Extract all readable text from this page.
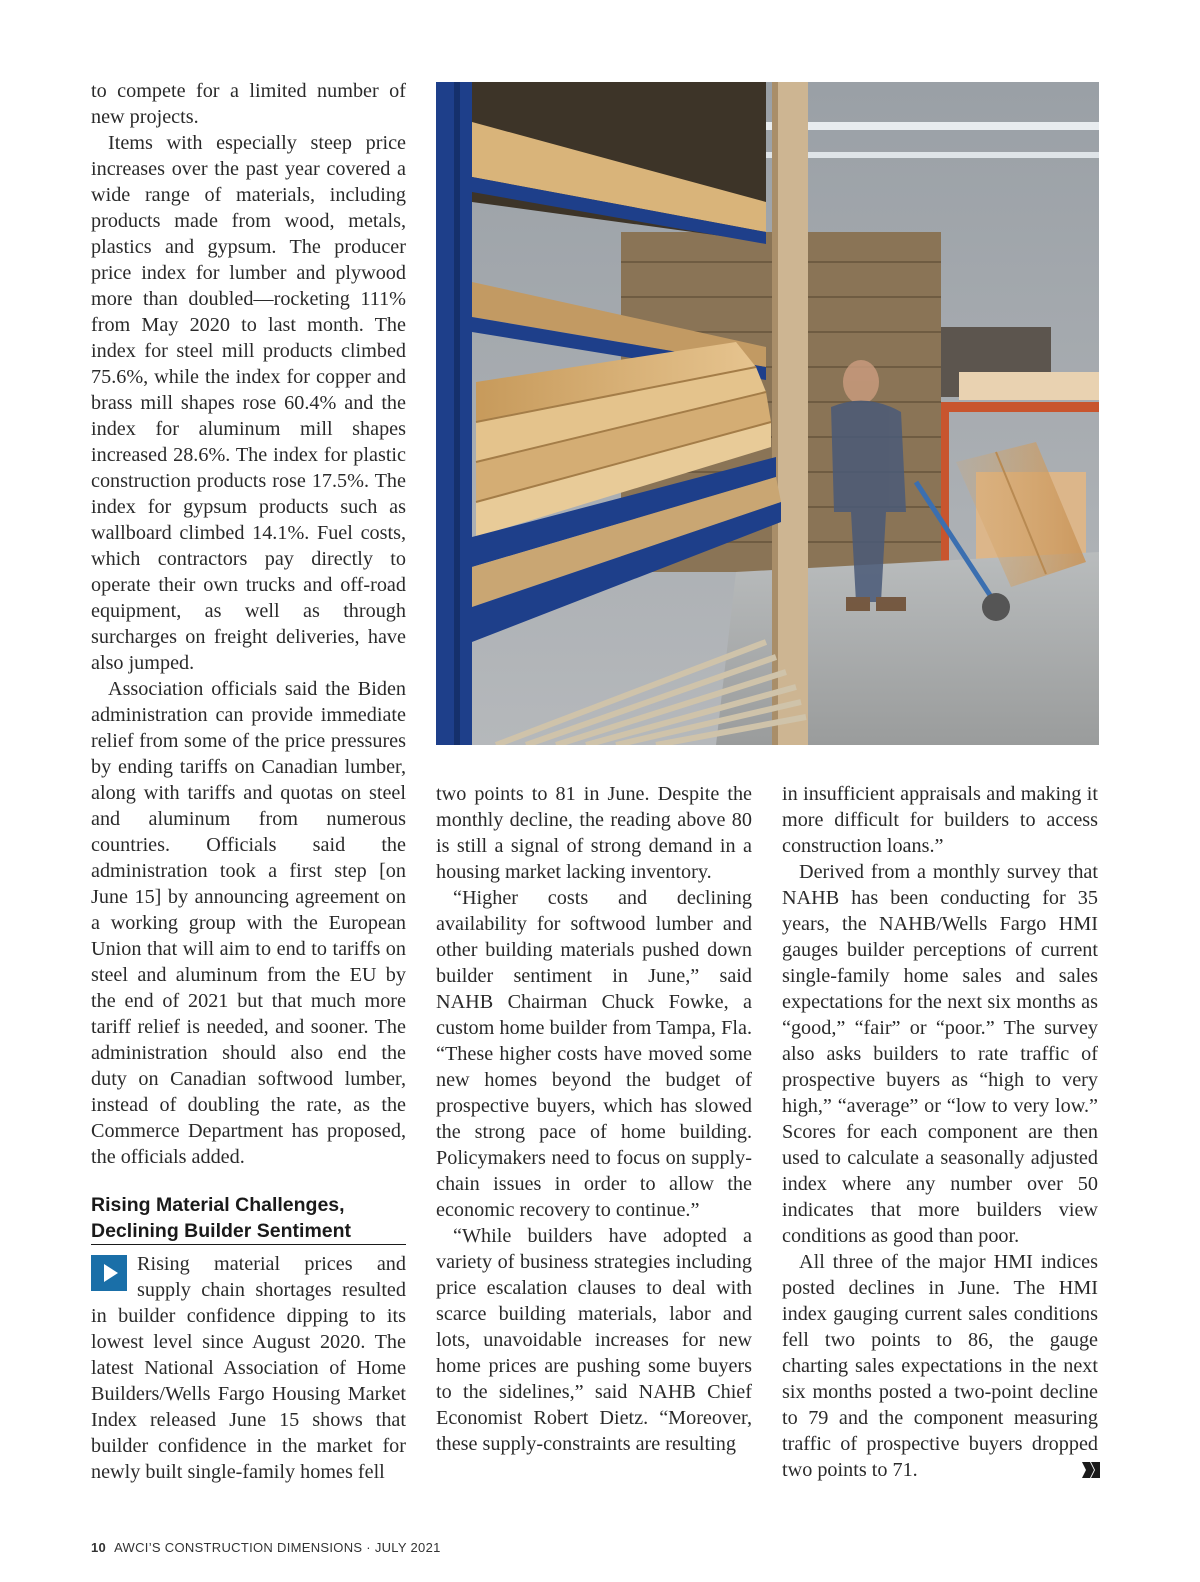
to compete for a limited number of new projects.

Items with especially steep price increases over the past year covered a wide range of materials, including products made from wood, metals, plastics and gypsum. The producer price index for lumber and plywood more than doubled—rocketing 111% from May 2020 to last month. The index for steel mill products climbed 75.6%, while the index for copper and brass mill shapes rose 60.4% and the index for aluminum mill shapes increased 28.6%. The index for plastic construction products rose 17.5%. The index for gypsum products such as wallboard climbed 14.1%. Fuel costs, which contractors pay directly to operate their own trucks and off-road equipment, as well as through surcharges on freight deliveries, have also jumped.

Association officials said the Biden administration can provide immediate relief from some of the price pressures by ending tariffs on Canadian lumber, along with tariffs and quotas on steel and aluminum from numerous countries. Officials said the administration took a first step [on June 15] by announcing agreement on a working group with the European Union that will aim to end to tariffs on steel and aluminum from the EU by the end of 2021 but that much more tariff relief is needed, and sooner. The administration should also end the duty on Canadian softwood lumber, instead of doubling the rate, as the Commerce Department has proposed, the officials added.

Rising Material Challenges,
Declining Builder Sentiment

Rising material prices and supply chain shortages resulted in builder confidence dipping to its lowest level since August 2020. The latest National Association of Home Builders/Wells Fargo Housing Market Index released June 15 shows that builder confidence in the market for newly built single-family homes fell

two points to 81 in June. Despite the monthly decline, the reading above 80 is still a signal of strong demand in a housing market lacking inventory.

“Higher costs and declining availability for softwood lumber and other building materials pushed down builder sentiment in June,” said NAHB Chairman Chuck Fowke, a custom home builder from Tampa, Fla. “These higher costs have moved some new homes beyond the budget of prospective buyers, which has slowed the strong pace of home building. Policymakers need to focus on supply-chain issues in order to allow the economic recovery to continue.”

“While builders have adopted a variety of business strategies including price escalation clauses to deal with scarce building materials, labor and lots, unavoidable increases for new home prices are pushing some buyers to the sidelines,” said NAHB Chief Economist Robert Dietz. “Moreover, these supply-constraints are resulting

in insufficient appraisals and making it more difficult for builders to access construction loans.”

Derived from a monthly survey that NAHB has been conducting for 35 years, the NAHB/Wells Fargo HMI gauges builder perceptions of current single-family home sales and sales expectations for the next six months as “good,” “fair” or “poor.” The survey also asks builders to rate traffic of prospective buyers as “high to very high,” “average” or “low to very low.” Scores for each component are then used to calculate a seasonally adjusted index where any number over 50 indicates that more builders view conditions as good than poor.

All three of the major HMI indices posted declines in June. The HMI index gauging current sales conditions fell two points to 86, the gauge charting sales expectations in the next six months posted a two-point decline to 79 and the component measuring traffic of prospective buyers dropped two points to 71.

10 AWCI’S CONSTRUCTION DIMENSIONS · JULY 2021
